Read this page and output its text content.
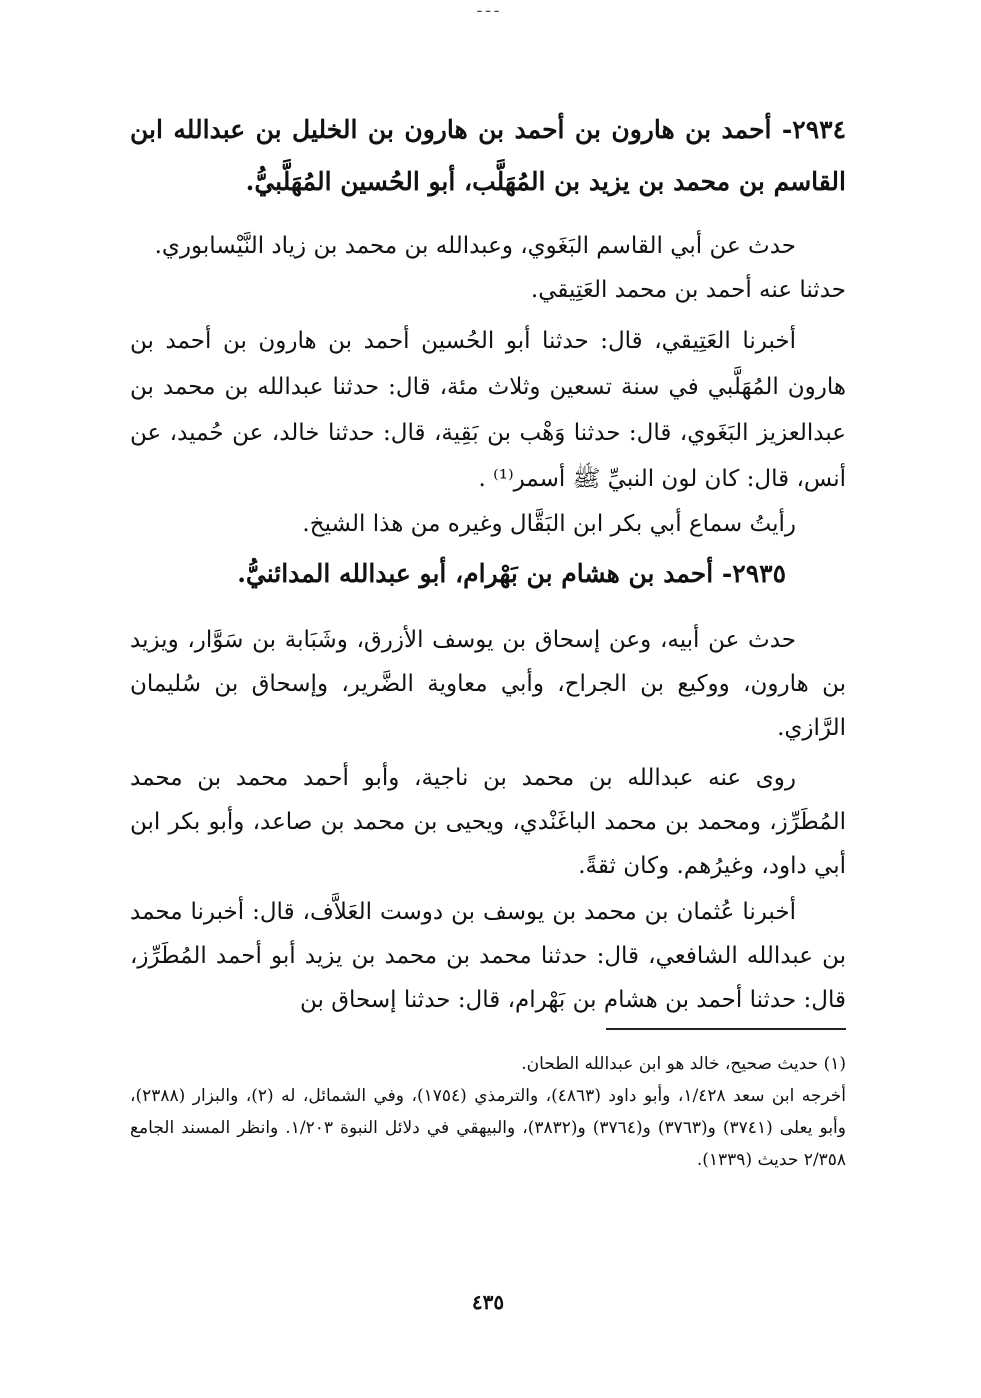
ـ ـ ـ
٢٩٣٤- أحمد بن هارون بن أحمد بن هارون بن الخليل بن عبدالله ابن القاسم بن محمد بن يزيد بن المُهَلَّب، أبو الحُسين المُهَلَّبيُّ.
حدث عن أبي القاسم البَغَوي، وعبدالله بن محمد بن زياد النَّيْسابوري.
حدثنا عنه أحمد بن محمد العَتِيقي.
أخبرنا العَتِيقي، قال: حدثنا أبو الحُسين أحمد بن هارون بن أحمد بن هارون المُهَلَّبي في سنة تسعين وثلاث مئة، قال: حدثنا عبدالله بن محمد بن عبدالعزيز البَغَوي، قال: حدثنا وَهْب بن بَقِية، قال: حدثنا خالد، عن حُميد، عن أنس، قال: كان لون النبيِّ ﷺ أسمر⁽¹⁾ .
رأيتُ سماع أبي بكر ابن البَقَّال وغيره من هذا الشيخ.
٢٩٣٥- أحمد بن هشام بن بَهْرام، أبو عبدالله المدائنيُّ.
حدث عن أبيه، وعن إسحاق بن يوسف الأزرق، وشَبَابة بن سَوَّار، ويزيد بن هارون، ووكيع بن الجراح، وأبي معاوية الضَّرير، وإسحاق بن سُليمان الرَّازي.
روى عنه عبدالله بن محمد بن ناجية، وأبو أحمد محمد بن محمد المُطَرِّز، ومحمد بن محمد الباغَنْدي، ويحيى بن محمد بن صاعد، وأبو بكر ابن أبي داود، وغيرُهم. وكان ثقةً.
أخبرنا عُثمان بن محمد بن يوسف بن دوست العَلاَّف، قال: أخبرنا محمد بن عبدالله الشافعي، قال: حدثنا محمد بن محمد بن يزيد أبو أحمد المُطَرِّز، قال: حدثنا أحمد بن هشام بن بَهْرام، قال: حدثنا إسحاق بن
(١) حديث صحيح، خالد هو ابن عبدالله الطحان.
أخرجه ابن سعد ١/٤٢٨، وأبو داود (٤٨٦٣)، والترمذي (١٧٥٤)، وفي الشمائل، له (٢)، والبزار (٢٣٨٨)، وأبو يعلى (٣٧٤١) و(٣٧٦٣) و(٣٧٦٤) و(٣٨٣٢)، والبيهقي في دلائل النبوة ١/٢٠٣. وانظر المسند الجامع ٢/٣٥٨ حديث (١٣٣٩).
٤٣٥
